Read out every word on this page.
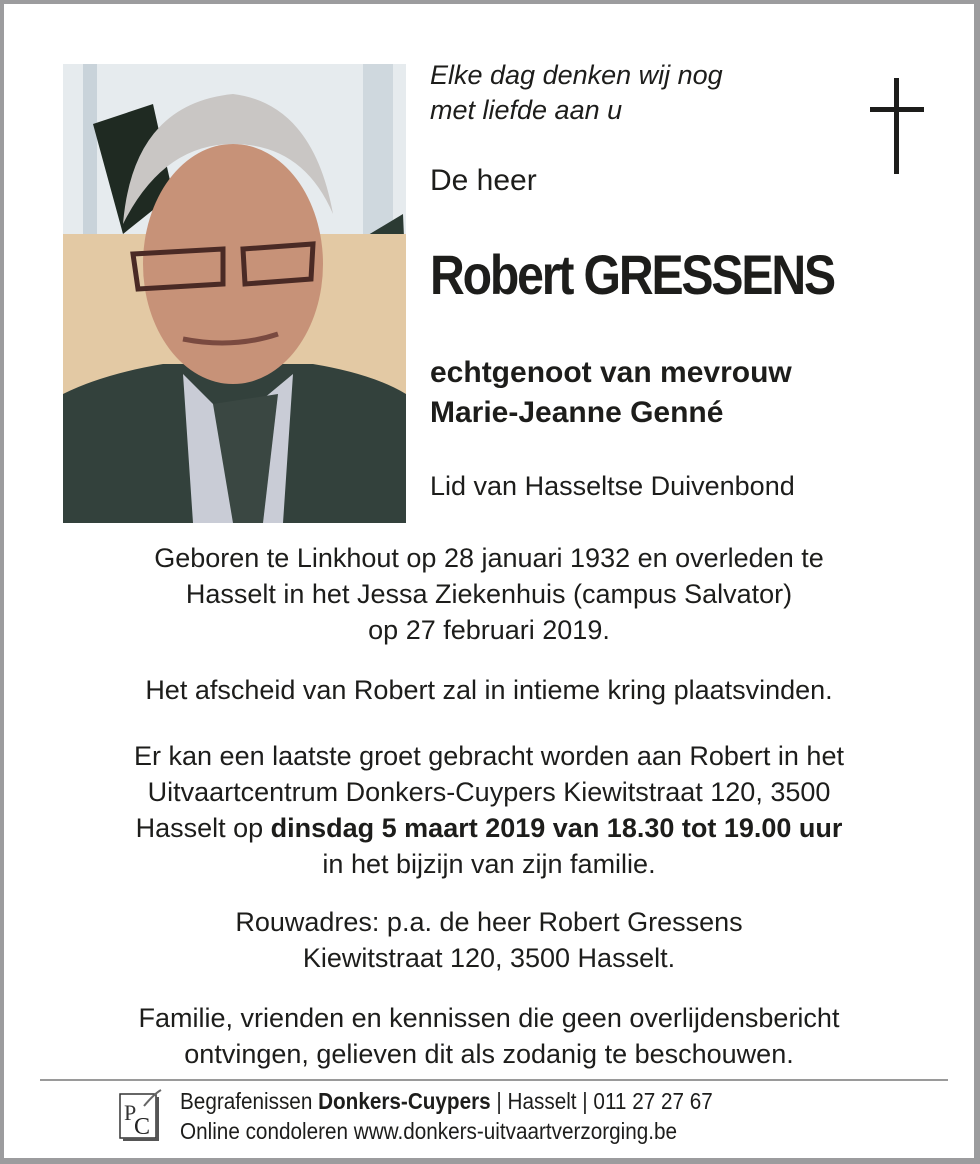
Elke dag denken wij nog
met liefde aan u
De heer
Robert GRESSENS
echtgenoot van mevrouw
Marie-Jeanne Genné
Lid van Hasseltse Duivenbond
Geboren te Linkhout op 28 januari 1932 en overleden te
Hasselt in het Jessa Ziekenhuis (campus Salvator)
op 27 februari 2019.
Het afscheid van Robert zal in intieme kring plaatsvinden.
Er kan een laatste groet gebracht worden aan Robert in het
Uitvaartcentrum Donkers-Cuypers Kiewitstraat 120, 3500
Hasselt op dinsdag 5 maart 2019 van 18.30 tot 19.00 uur
in het bijzijn van zijn familie.
Rouwadres: p.a. de heer Robert Gressens
Kiewitstraat 120, 3500 Hasselt.
Familie, vrienden en kennissen die geen overlijdensbericht
ontvingen, gelieven dit als zodanig te beschouwen.
P
C
Begrafenissen Donkers-Cuypers | Hasselt | 011 27 27 67
Online condoleren www.donkers-uitvaartverzorging.be
